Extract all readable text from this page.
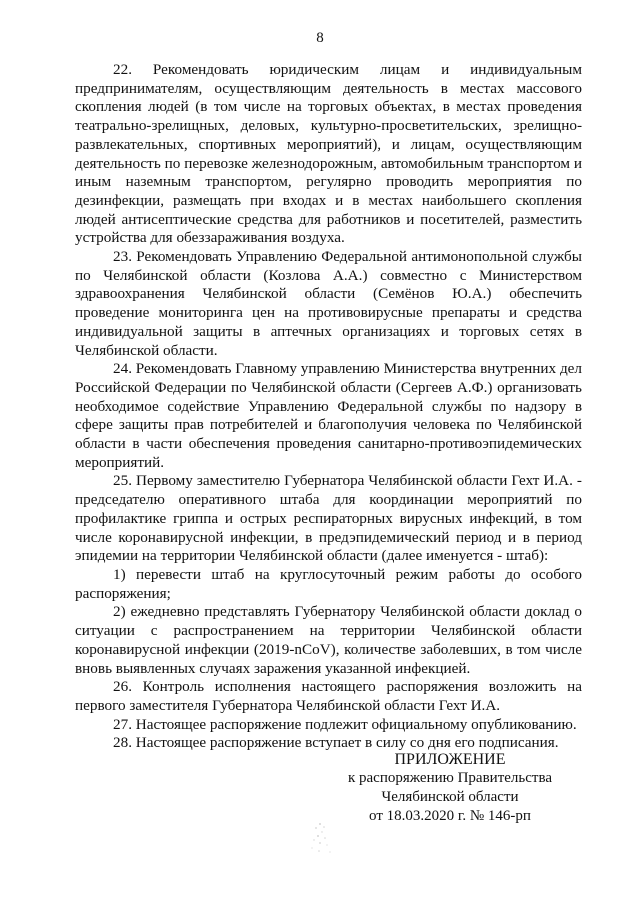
8

22. Рекомендовать юридическим лицам и индивидуальным предпринимателям, осуществляющим деятельность в местах массового скопления людей (в том числе на торговых объектах, в местах проведения театрально-зрелищных, деловых, культурно-просветительских, зрелищно-развлекательных, спортивных мероприятий), и лицам, осуществляющим деятельность по перевозке железнодорожным, автомобильным транспортом и иным наземным транспортом, регулярно проводить мероприятия по дезинфекции, размещать при входах и в местах наибольшего скопления людей антисептические средства для работников и посетителей, разместить устройства для обеззараживания воздуха.

23. Рекомендовать Управлению Федеральной антимонопольной службы по Челябинской области (Козлова А.А.) совместно с Министерством здравоохранения Челябинской области (Семёнов Ю.А.) обеспечить проведение мониторинга цен на противовирусные препараты и средства индивидуальной защиты в аптечных организациях и торговых сетях в Челябинской области.

24. Рекомендовать Главному управлению Министерства внутренних дел Российской Федерации по Челябинской области (Сергеев А.Ф.) организовать необходимое содействие Управлению Федеральной службы по надзору в сфере защиты прав потребителей и благополучия человека по Челябинской области в части обеспечения проведения санитарно-противоэпидемических мероприятий.

25. Первому заместителю Губернатора Челябинской области Гехт И.А. - председателю оперативного штаба для координации мероприятий по профилактике гриппа и острых респираторных вирусных инфекций, в том числе коронавирусной инфекции, в предэпидемический период и в период эпидемии на территории Челябинской области (далее именуется - штаб):

1) перевести штаб на круглосуточный режим работы до особого распоряжения;

2) ежедневно представлять Губернатору Челябинской области доклад о ситуации с распространением на территории Челябинской области коронавирусной инфекции (2019-nCoV), количестве заболевших, в том числе вновь выявленных случаях заражения указанной инфекцией.

26. Контроль исполнения настоящего распоряжения возложить на первого заместителя Губернатора Челябинской области Гехт И.А.

27. Настоящее распоряжение подлежит официальному опубликованию.

28. Настоящее распоряжение вступает в силу со дня его подписания.

ПРИЛОЖЕНИЕ
к распоряжению Правительства
Челябинской области
от 18.03.2020 г. № 146-рп
